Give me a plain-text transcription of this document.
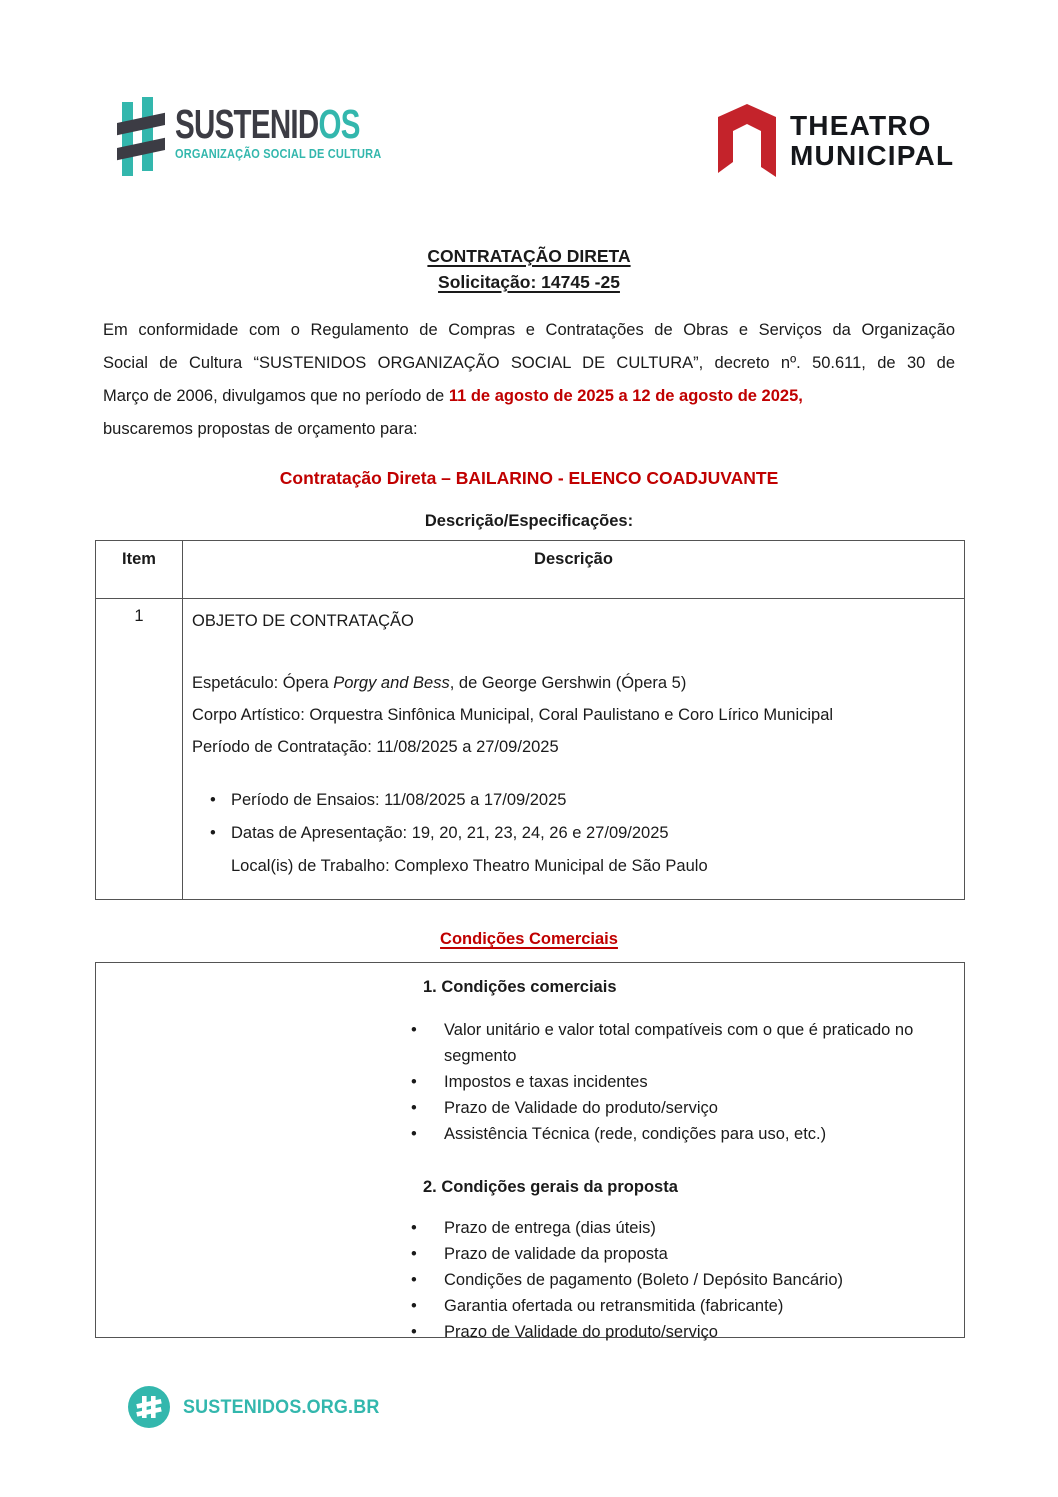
SUSTENIDOS
ORGANIZAÇÃO SOCIAL DE CULTURA
THEATRO
MUNICIPAL
CONTRATAÇÃO DIRETA
Solicitação: 14745 -25
Em conformidade com o Regulamento de Compras e Contratações de Obras e Serviços da Organização
Social de Cultura “SUSTENIDOS ORGANIZAÇÃO SOCIAL DE CULTURA”, decreto nº. 50.611, de 30 de
Março de 2006, divulgamos que no período de 11 de agosto de 2025 a 12 de agosto de 2025,
buscaremos propostas de orçamento para:
Contratação Direta – BAILARINO - ELENCO COADJUVANTE
Descrição/Especificações:
Item	Descrição
1	OBJETO DE CONTRATAÇÃO
Espetáculo: Ópera Porgy and Bess, de George Gershwin (Ópera 5)
Corpo Artístico: Orquestra Sinfônica Municipal, Coral Paulistano e Coro Lírico Municipal
Período de Contratação: 11/08/2025 a 27/09/2025
• Período de Ensaios: 11/08/2025 a 17/09/2025
• Datas de Apresentação: 19, 20, 21, 23, 24, 26 e 27/09/2025
Local(is) de Trabalho: Complexo Theatro Municipal de São Paulo
Condições Comerciais
1. Condições comerciais
•	Valor unitário e valor total compatíveis com o que é praticado no segmento
•	Impostos e taxas incidentes
•	Prazo de Validade do produto/serviço
•	Assistência Técnica (rede, condições para uso, etc.)
2. Condições gerais da proposta
•	Prazo de entrega (dias úteis)
•	Prazo de validade da proposta
•	Condições de pagamento (Boleto / Depósito Bancário)
•	Garantia ofertada ou retransmitida (fabricante)
•	Prazo de Validade do produto/serviço
SUSTENIDOS.ORG.BR
